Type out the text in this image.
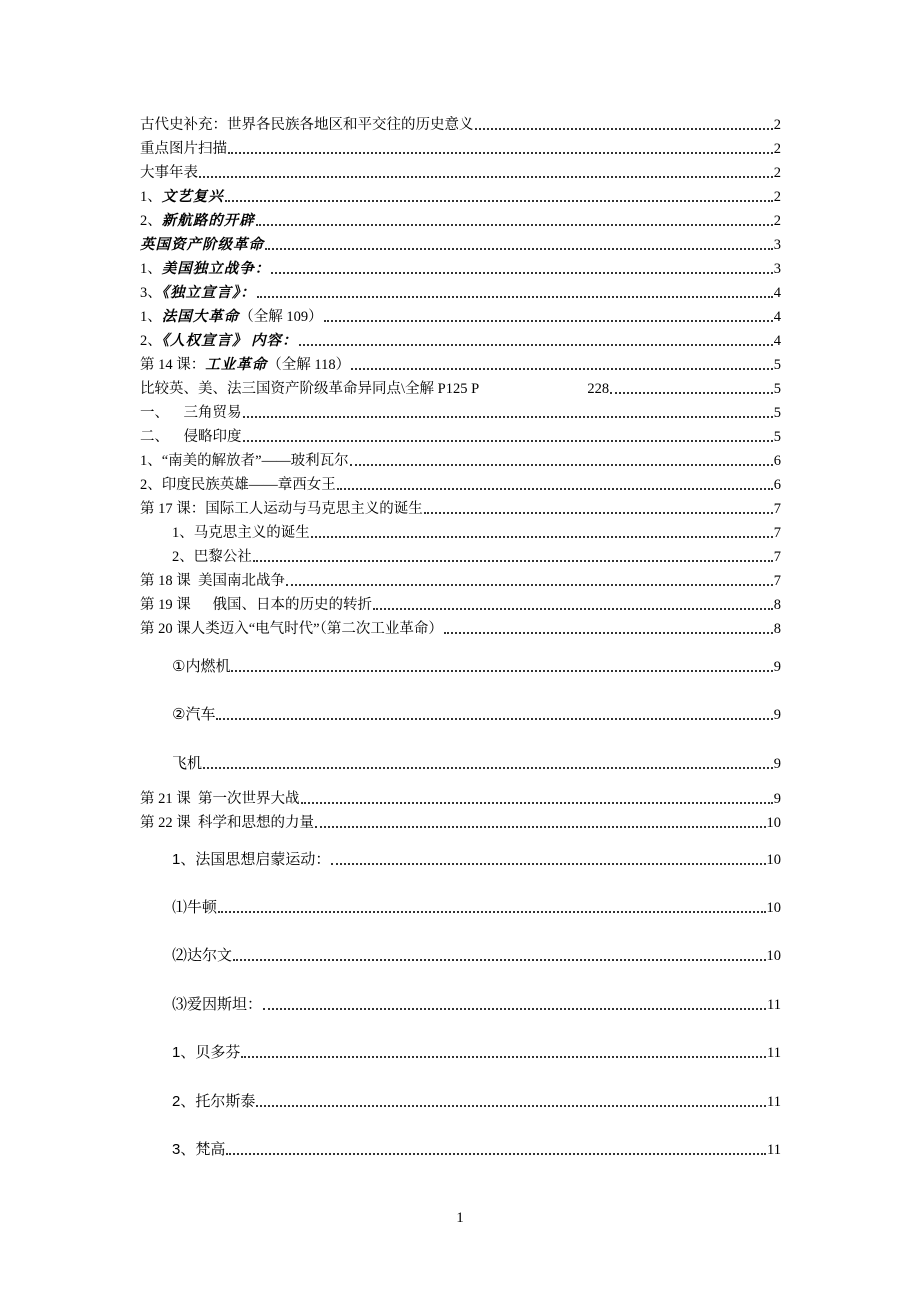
古代史补充：世界各民族各地区和平交往的历史意义	2
重点图片扫描	2
大事年表	2
1、文艺复兴	2
2、新航路的开辟	2
英国资产阶级革命	3
1、美国独立战争：	3
3、《独立宣言》：	4
1、法国大革命（全解 109）	4
2、《人权宣言》 内容：	4
第 14 课：工业革命（全解 118）	5
比较英、美、法三国资产阶级革命异同点\全解 P125 P                              228	5
一、    三角贸易	5
二、    侵略印度	5
1、“南美的解放者”——玻利瓦尔	6
2、印度民族英雄——章西女王	6
第 17 课：国际工人运动与马克思主义的诞生	7
1、马克思主义的诞生	7
2、巴黎公社	7
第 18 课  美国南北战争	7
第 19 课      俄国、日本的历史的转折	8
第 20 课人类迈入“电气时代”（第二次工业革命）	8
①内燃机	9
②汽车	9
飞机	9
第 21 课  第一次世界大战	9
第 22 课  科学和思想的力量	10
1、法国思想启蒙运动：	10
⑴牛顿	10
⑵达尔文	10
⑶爱因斯坦：	11
1、贝多芬	11
2、托尔斯泰	11
3、梵高	11
1
